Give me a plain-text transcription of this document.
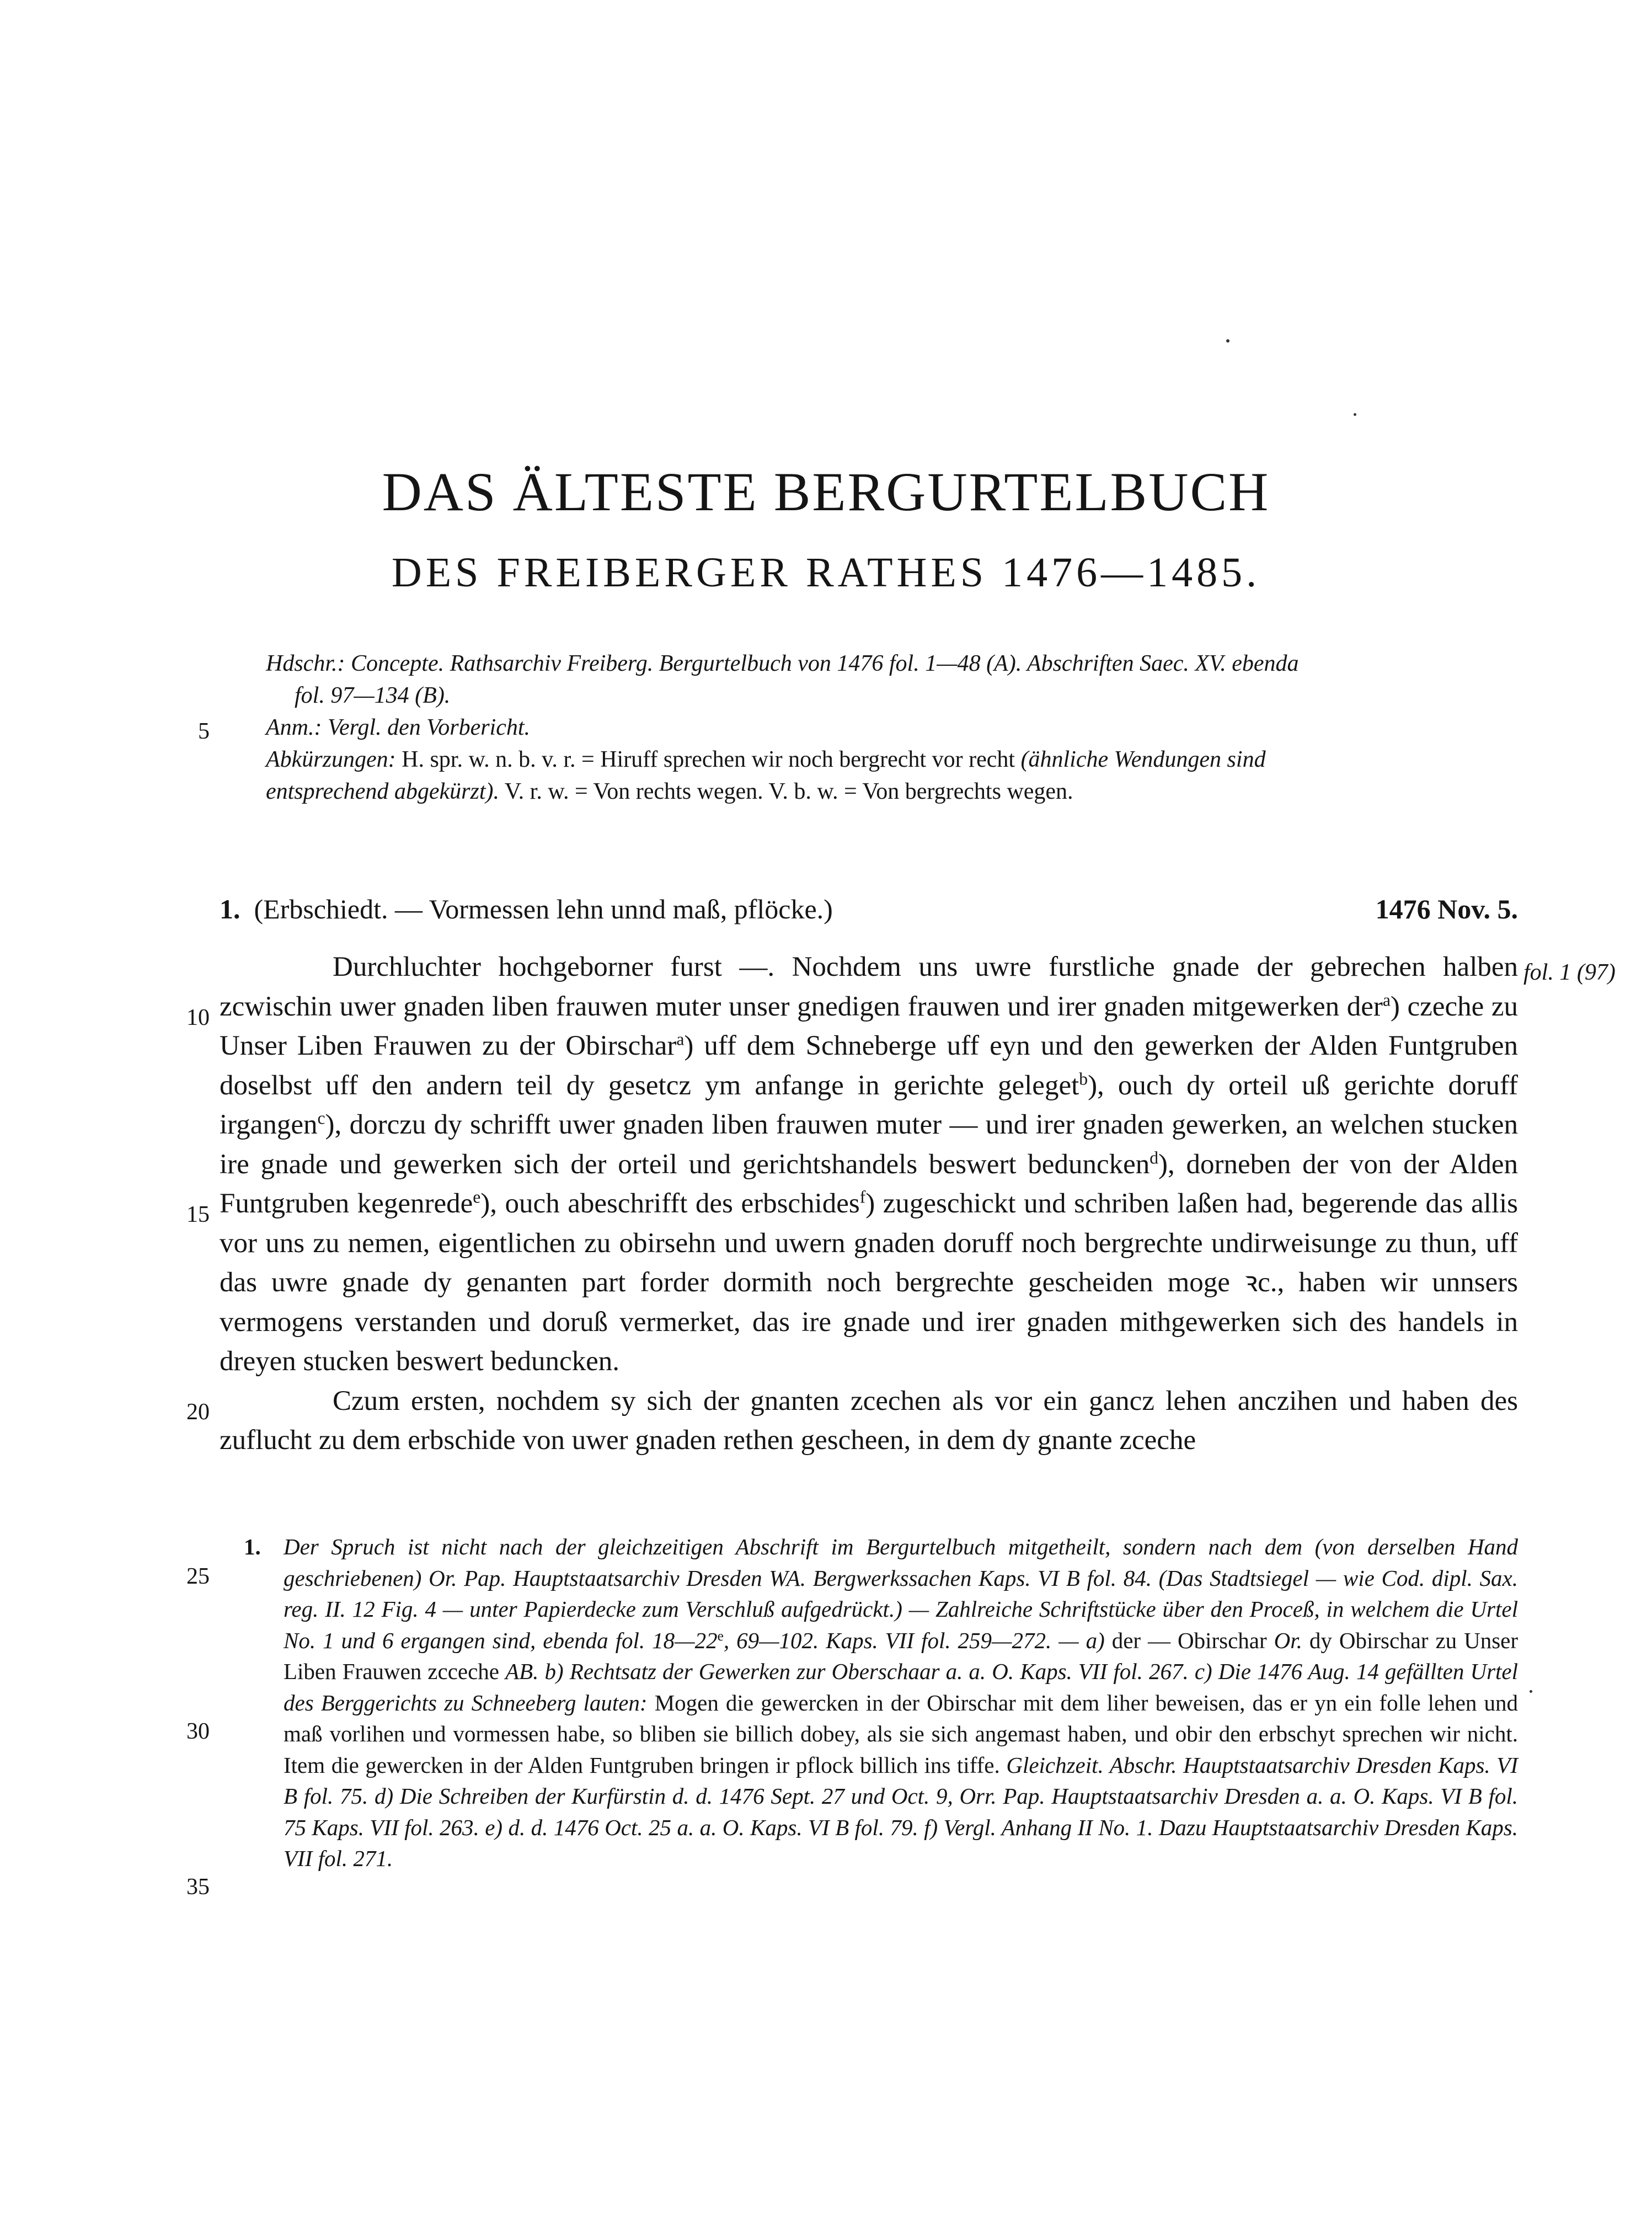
DAS ÄLTESTE BERGURTELBUCH
DES FREIBERGER RATHES 1476—1485.
5
10
15
20
25
30
35

Hdschr.: Concepte. Rathsarchiv Freiberg. Bergurtelbuch von 1476 fol. 1—48 (A). Abschriften Saec. XV. ebenda

fol. 97—134 (B).

Anm.: Vergl. den Vorbericht.

Abkürzungen: H. spr. w. n. b. v. r. = Hiruff sprechen wir noch bergrecht vor recht (ähnliche Wendungen sind

entsprechend abgekürzt). V. r. w. = Von rechts wegen. V. b. w. = Von bergrechts wegen.

1. (Erbschiedt. — Vormessen lehn unnd maß, pflöcke.)	1476 Nov. 5.
fol. 1 (97)

Durchluchter hochgeborner furst —. Nochdem uns uwre furstliche gnade der gebrechen halben zcwischin uwer gnaden liben frauwen muter unser gnedigen frauwen und irer gnaden mitgewerken der$^a$) czeche zu Unser Liben Frauwen zu der Obirschar$^a$) uff dem Schneberge uff eyn und den gewerken der Alden Funtgruben doselbst uff den andern teil dy gesetcz ym anfange in gerichte geleget$^b$), ouch dy orteil uß gerichte doruff irgangen$^c$), dorczu dy schrifft uwer gnaden liben frauwen muter — und irer gnaden gewerken, an welchen stucken ire gnade und gewerken sich der orteil und gerichtshandels beswert beduncken$^d$), dorneben der von der Alden Funtgruben kegenrede$^e$), ouch abeschrifft des erbschides$^f$) zugeschickt und schriben laßen had, begerende das allis vor uns zu nemen, eigentlichen zu obirsehn und uwern gnaden doruff noch bergrechte undirweisunge zu thun, uff das uwre gnade dy genanten part forder dormith noch bergrechte gescheiden moge ꝛc., haben wir unnsers vermogens verstanden und doruß vermerket, das ire gnade und irer gnaden mithgewerken sich des handels in dreyen stucken beswert beduncken.

Czum ersten, nochdem sy sich der gnanten zcechen als vor ein gancz lehen anczihen und haben des zuflucht zu dem erbschide von uwer gnaden rethen gescheen, in dem dy gnante zceche

1. Der Spruch ist nicht nach der gleichzeitigen Abschrift im Bergurtelbuch mitgetheilt, sondern nach dem (von derselben Hand geschriebenen) Or. Pap. Hauptstaatsarchiv Dresden WA. Bergwerkssachen Kaps. VI B fol. 84. (Das Stadtsiegel — wie Cod. dipl. Sax. reg. II. 12 Fig. 4 — unter Papierdecke zum Verschluß aufgedrückt.) — Zahlreiche Schriftstücke über den Proceß, in welchem die Urtel No. 1 und 6 ergangen sind, ebenda fol. 18—22e, 69—102. Kaps. VII fol. 259—272. — a) der — Obirschar Or. dy Obirschar zu Unser Liben Frauwen zcceche AB. b) Rechtsatz der Gewerken zur Oberschaar a. a. O. Kaps. VII fol. 267. c) Die 1476 Aug. 14 gefällten Urtel des Berggerichts zu Schneeberg lauten: Mogen die gewercken in der Obirschar mit dem liher beweisen, das er yn ein folle lehen und maß vorlihen und vormessen habe, so bliben sie billich dobey, als sie sich angemast haben, und obir den erbschyt sprechen wir nicht. Item die gewercken in der Alden Funtgruben bringen ir pflock billich ins tiffe. Gleichzeit. Abschr. Hauptstaatsarchiv Dresden Kaps. VI B fol. 75. d) Die Schreiben der Kurfürstin d. d. 1476 Sept. 27 und Oct. 9, Orr. Pap. Hauptstaatsarchiv Dresden a. a. O. Kaps. VI B fol. 75 Kaps. VII fol. 263. e) d. d. 1476 Oct. 25 a. a. O. Kaps. VI B fol. 79. f) Vergl. Anhang II No. 1. Dazu Hauptstaatsarchiv Dresden Kaps. VII fol. 271.
